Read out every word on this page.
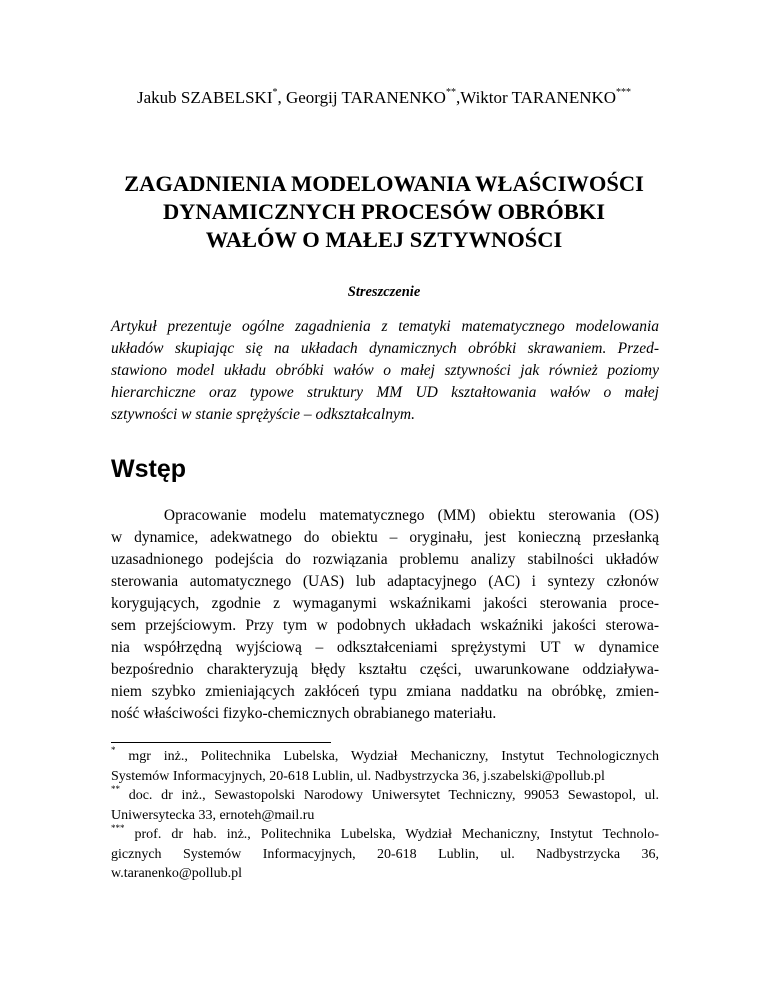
Jakub SZABELSKI*, Georgij TARANENKO**,Wiktor TARANENKO***
ZAGADNIENIA MODELOWANIA WŁAŚCIWOŚCI
DYNAMICZNYCH PROCESÓW OBRÓBKI
WAŁÓW O MAŁEJ SZTYWNOŚCI
Streszczenie
Artykuł prezentuje ogólne zagadnienia z tematyki matematycznego modelowania
układów skupiając się na układach dynamicznych obróbki skrawaniem. Przed-
stawiono model układu obróbki wałów o małej sztywności jak również poziomy
hierarchiczne oraz typowe struktury MM UD kształtowania wałów o małej
sztywności w stanie sprężyście – odkształcalnym.
Wstęp
Opracowanie modelu matematycznego (MM) obiektu sterowania (OS)
w dynamice, adekwatnego do obiektu – oryginału, jest konieczną przesłanką
uzasadnionego podejścia do rozwiązania problemu analizy stabilności układów
sterowania automatycznego (UAS) lub adaptacyjnego (AC) i syntezy członów
korygujących, zgodnie z wymaganymi wskaźnikami jakości sterowania proce-
sem przejściowym. Przy tym w podobnych układach wskaźniki jakości sterowa-
nia współrzędną wyjściową – odkształceniami sprężystymi UT w dynamice
bezpośrednio charakteryzują błędy kształtu części, uwarunkowane oddziaływa-
niem szybko zmieniających zakłóceń typu zmiana naddatku na obróbkę, zmien-
ność właściwości fizyko-chemicznych obrabianego materiału.
* mgr inż., Politechnika Lubelska, Wydział Mechaniczny, Instytut Technologicznych
Systemów Informacyjnych, 20-618 Lublin, ul. Nadbystrzycka 36, j.szabelski@pollub.pl
** doc. dr inż., Sewastopolski Narodowy Uniwersytet Techniczny, 99053 Sewastopol, ul.
Uniwersytecka 33, ernoteh@mail.ru
*** prof. dr hab. inż., Politechnika Lubelska, Wydział Mechaniczny, Instytut Technolo-
gicznych Systemów Informacyjnych, 20-618 Lublin, ul. Nadbystrzycka 36,
w.taranenko@pollub.pl
